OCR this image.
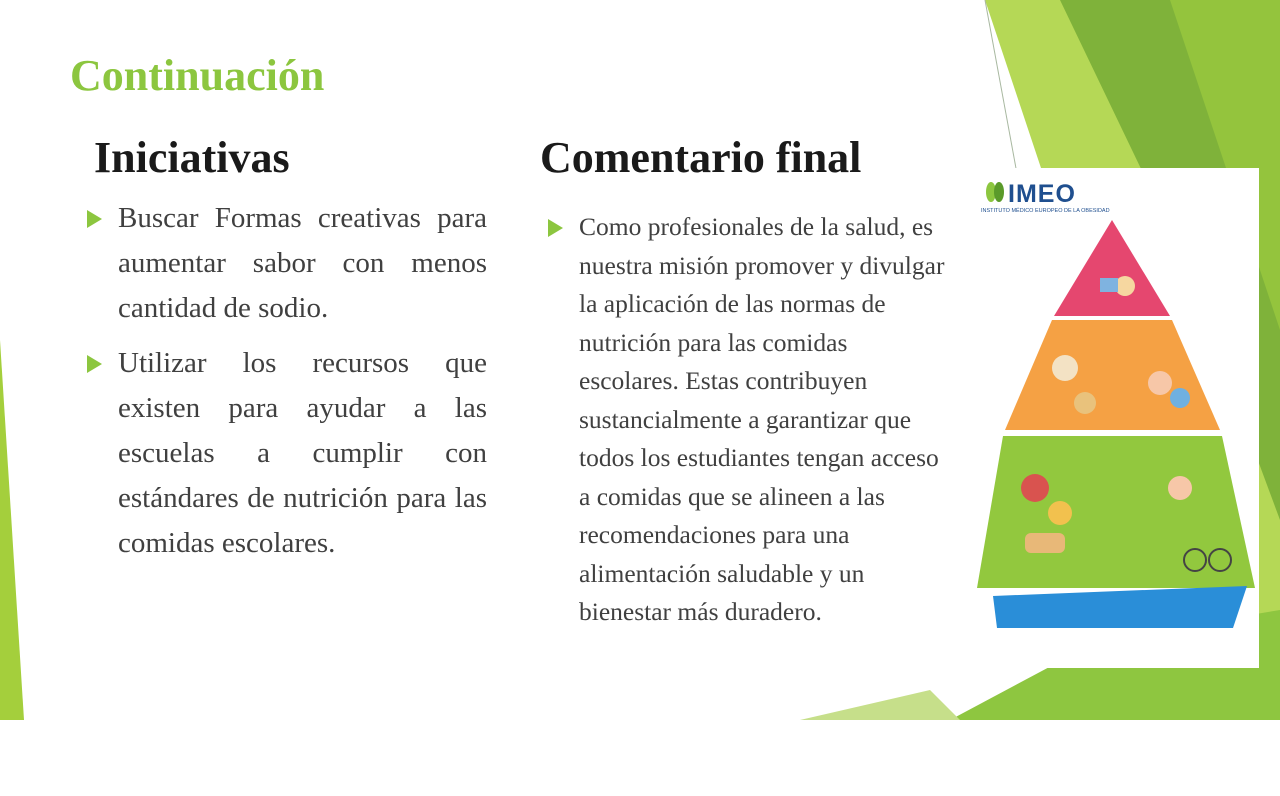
Continuación
Iniciativas	Comentario final
Buscar Formas creativas para aumentar sabor con menos cantidad de sodio.
Utilizar los recursos que existen para ayudar a las escuelas a cumplir con estándares de nutrición para las comidas escolares.
Como profesionales de la salud, es nuestra misión promover y divulgar la aplicación de las normas de nutrición para las comidas escolares. Estas contribuyen sustancialmente a garantizar que todos los estudiantes tengan acceso a comidas que se alineen a las recomendaciones para una alimentación saludable y un bienestar más duradero.
IMEO
INSTITUTO MÉDICO EUROPEO DE LA OBESIDAD
Bebe bastante agua
y muevete
